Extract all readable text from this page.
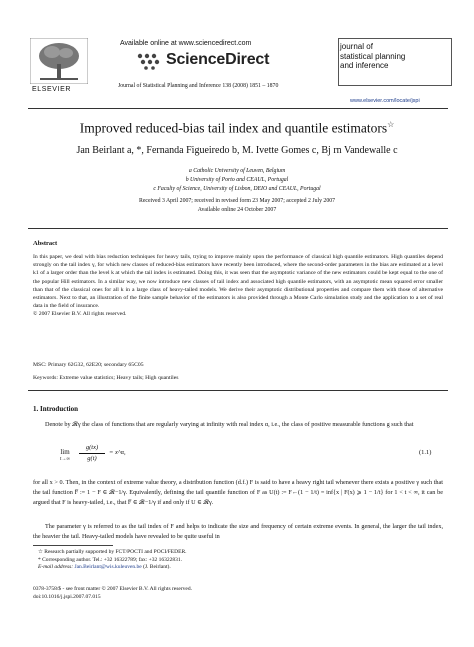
ELSEVIER
Available online at www.sciencedirect.com
ScienceDirect
Journal of Statistical Planning and Inference 138 (2008) 1851 – 1870
journal of
statistical planning
and inference
www.elsevier.com/locate/jspi
Improved reduced-bias tail index and quantile estimators☆
Jan Beirlant a, *, Fernanda Figueiredo b, M. Ivette Gomes c, Bj rn Vandewalle c
a Catholic University of Leuven, Belgium
b University of Porto and CEAUL, Portugal
c Faculty of Science, University of Lisbon, DEIO and CEAUL, Portugal
Received 3 April 2007; received in revised form 23 May 2007; accepted 2 July 2007
Available online 24 October 2007
Abstract
In this paper, we deal with bias reduction techniques for heavy tails, trying to improve mainly upon the performance of classical high quantile estimators. High quantiles depend strongly on the tail index γ, for which new classes of reduced-bias estimators have recently been introduced, where the second-order parameters in the bias are estimated at a level k1 of a larger order than the level k at which the tail index is estimated. Doing this, it was seen that the asymptotic variance of the new estimators could be kept equal to the one of the popular Hill estimators. In a similar way, we now introduce new classes of tail index and associated high quantile estimators, with an asymptotic mean squared error smaller than that of the classical ones for all k in a large class of heavy-tailed models. We derive their asymptotic distributional properties and compare them with those of alternative estimators. Next to that, an illustration of the finite sample behavior of the estimators is also provided through a Monte Carlo simulation study and the application to a set of real data in the field of insurance.
© 2007 Elsevier B.V. All rights reserved.
MSC: Primary 62G32, 62E20; secondary 65C05
Keywords: Extreme value statistics; Heavy tails; High quantiles
1. Introduction
Denote by 𝓡γ the class of functions that are regularly varying at infinity with real index α, i.e., the class of positive measurable functions g such that
lim
t→∞
g(tx)
g(t)
= x^α,	(1.1)
for all x > 0. Then, in the context of extreme value theory, a distribution function (d.f.) F is said to have a heavy right tail whenever there exists a positive γ such that the tail function F̅ := 1 − F ∈ 𝓡−1/γ. Equivalently, defining the tail quantile function of F as U(t) := F←(1 − 1/t) = inf{x | F(x) ⩾ 1 − 1/t} for 1 < t < ∞, it can be argued that F is heavy-tailed, i.e., that F̅ ∈ 𝓡−1/γ if and only if U ∈ 𝓡γ.
The parameter γ is referred to as the tail index of F and helps to indicate the size and frequency of certain extreme events. In general, the larger the tail index, the heavier the tail. Heavy-tailed models have revealed to be quite useful in
☆ Research partially supported by FCT/POCTI and POCI/FEDER.
* Corresponding author. Tel.: +32 16322789; fax: +32 16322831.
E-mail address: Jan.Beirlant@wis.kuleuven.be (J. Beirlant).
0378-3758/$ - see front matter © 2007 Elsevier B.V. All rights reserved.
doi:10.1016/j.jspi.2007.07.015
